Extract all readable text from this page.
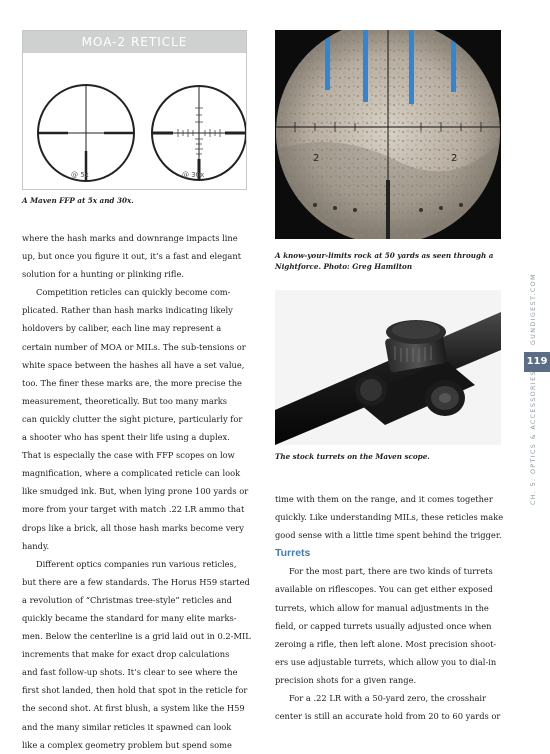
MOA-2 RETICLE
@ 5x	@ 30x
A Maven FFP at 5x and 30x.
2	2
A know-your-limits rock at 50 yards as seen through a
Nightforce. Photo: Greg Hamilton
The stock turrets on the Maven scope.
where the hash marks and downrange impacts line
up, but once you figure it out, it’s a fast and elegant
solution for a hunting or plinking rifle.
Competition reticles can quickly become com-
plicated. Rather than hash marks indicating likely
holdovers by caliber, each line may represent a
certain number of MOA or MILs. The sub-tensions or
white space between the hashes all have a set value,
too. The finer these marks are, the more precise the
measurement, theoretically. But too many marks
can quickly clutter the sight picture, particularly for
a shooter who has spent their life using a duplex.
That is especially the case with FFP scopes on low
magnification, where a complicated reticle can look
like smudged ink. But, when lying prone 100 yards or
more from your target with match .22 LR ammo that
drops like a brick, all those hash marks become very
handy.
Different optics companies run various reticles,
but there are a few standards. The Horus H59 started
a revolution of “Christmas tree-style” reticles and
quickly became the standard for many elite marks-
men. Below the centerline is a grid laid out in 0.2-MIL
increments that make for exact drop calculations
and fast follow-up shots. It’s clear to see where the
first shot landed, then hold that spot in the reticle for
the second shot. At first blush, a system like the H59
and the many similar reticles it spawned can look
like a complex geometry problem but spend some
time with them on the range, and it comes together
quickly. Like understanding MILs, these reticles make
good sense with a little time spent behind the trigger.
Turrets
For the most part, there are two kinds of turrets
available on riflescopes. You can get either exposed
turrets, which allow for manual adjustments in the
field, or capped turrets usually adjusted once when
zeroing a rifle, then left alone. Most precision shoot-
ers use adjustable turrets, which allow you to dial-in
precision shots for a given range.
For a .22 LR with a 50-yard zero, the crosshair
center is still an accurate hold from 20 to 60 yards or
GUNDIGEST.COM
119
CH. 5: OPTICS & ACCESSORIES
